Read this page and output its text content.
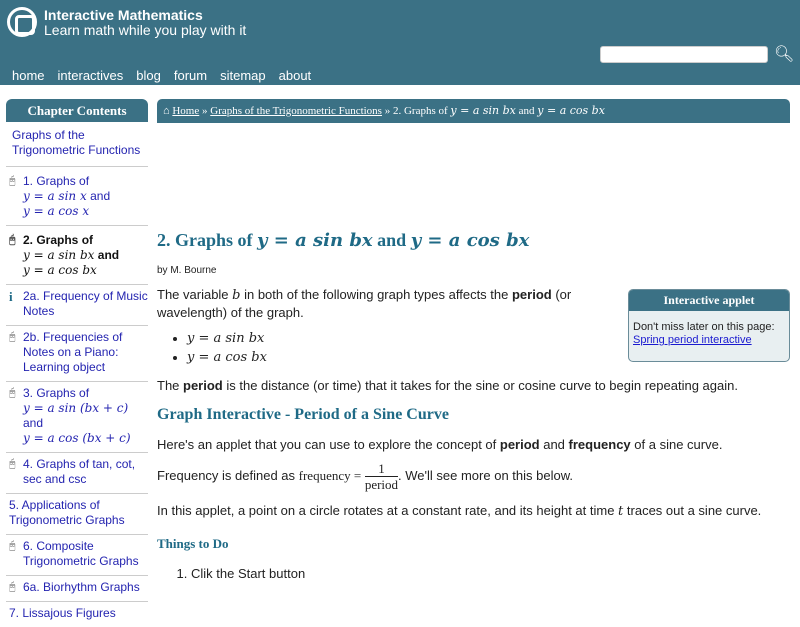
Interactive Mathematics
Learn math while you play with it
🔍︎
home interactives blog forum sitemap about
Chapter Contents
Graphs of the Trigonometric Functions
🖰︎ 1. Graphs of
y = a sin x and
y = a cos x
🖰︎ 2. Graphs of
y = a sin bx and
y = a cos bx
i 2a. Frequency of Music Notes
🖰︎ 2b. Frequencies of Notes on a Piano: Learning object
🖰︎ 3. Graphs of
y = a sin (bx + c) and
y = a cos (bx + c)
🖰︎ 4. Graphs of tan, cot, sec and csc
5. Applications of Trigonometric Graphs
🖰︎ 6. Composite Trigonometric Graphs
🖰︎ 6a. Biorhythm Graphs
7. Lissajous Figures
⌂ Home » Graphs of the Trigonometric Functions » 2. Graphs of y = a sin bx and y = a cos bx
2. Graphs of y = a sin bx and y = a cos bx
by M. Bourne

The variable b in both of the following graph types affects the period (or wavelength) of the graph.

• y = a sin bx
• y = a cos bx

The period is the distance (or time) that it takes for the sine or cosine curve to begin repeating again.

Graph Interactive - Period of a Sine Curve

Here's an applet that you can use to explore the concept of period and frequency of a sine curve.

Frequency is defined as frequency = $\frac{1}{\text{period}}$ . We'll see more on this below.

In this applet, a point on a circle rotates at a constant rate, and its height at time t traces out a sine curve.

Things to Do
1. Clik the Start button
Interactive applet
Don't miss later on this page:
Spring period interactive
